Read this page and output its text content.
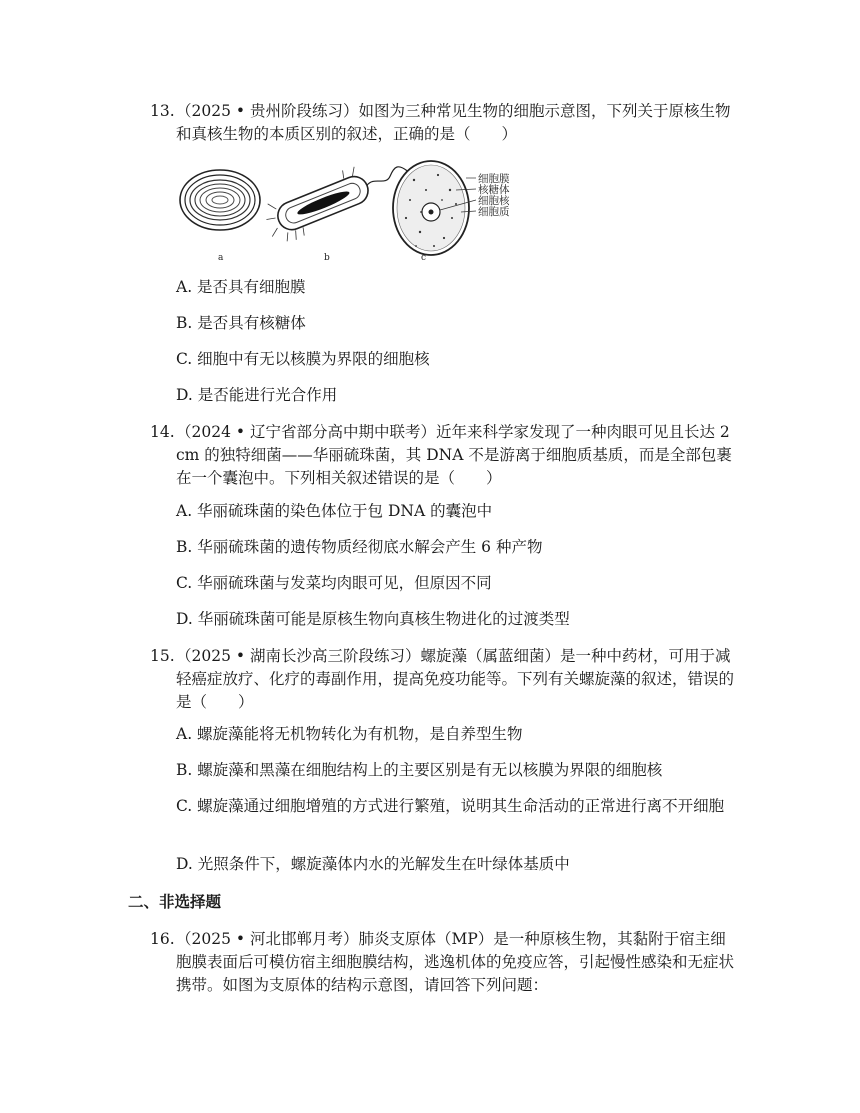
13. （2025 • 贵州阶段练习）如图为三种常见生物的细胞示意图，下列关于原核生物和真核生物的本质区别的叙述，正确的是（　　）
细胞膜
核糖体
细胞核
细胞质
a	b	c
A. 是否具有细胞膜
B. 是否具有核糖体
C. 细胞中有无以核膜为界限的细胞核
D. 是否能进行光合作用
14. （2024 • 辽宁省部分高中期中联考）近年来科学家发现了一种肉眼可见且长达 2 cm 的独特细菌——华丽硫珠菌，其 DNA 不是游离于细胞质基质，而是全部包裹在一个囊泡中。下列相关叙述错误的是（　　）
A. 华丽硫珠菌的染色体位于包 DNA 的囊泡中
B. 华丽硫珠菌的遗传物质经彻底水解会产生 6 种产物
C. 华丽硫珠菌与发菜均肉眼可见，但原因不同
D. 华丽硫珠菌可能是原核生物向真核生物进化的过渡类型
15. （2025 • 湖南长沙高三阶段练习）螺旋藻（属蓝细菌）是一种中药材，可用于减轻癌症放疗、化疗的毒副作用，提高免疫功能等。下列有关螺旋藻的叙述，错误的是（　　）
A. 螺旋藻能将无机物转化为有机物，是自养型生物
B. 螺旋藻和黑藻在细胞结构上的主要区别是有无以核膜为界限的细胞核
C. 螺旋藻通过细胞增殖的方式进行繁殖，说明其生命活动的正常进行离不开细胞
D. 光照条件下，螺旋藻体内水的光解发生在叶绿体基质中
二、非选择题
16. （2025 • 河北邯郸月考）肺炎支原体（MP）是一种原核生物，其黏附于宿主细胞膜表面后可模仿宿主细胞膜结构，逃逸机体的免疫应答，引起慢性感染和无症状携带。如图为支原体的结构示意图，请回答下列问题：
